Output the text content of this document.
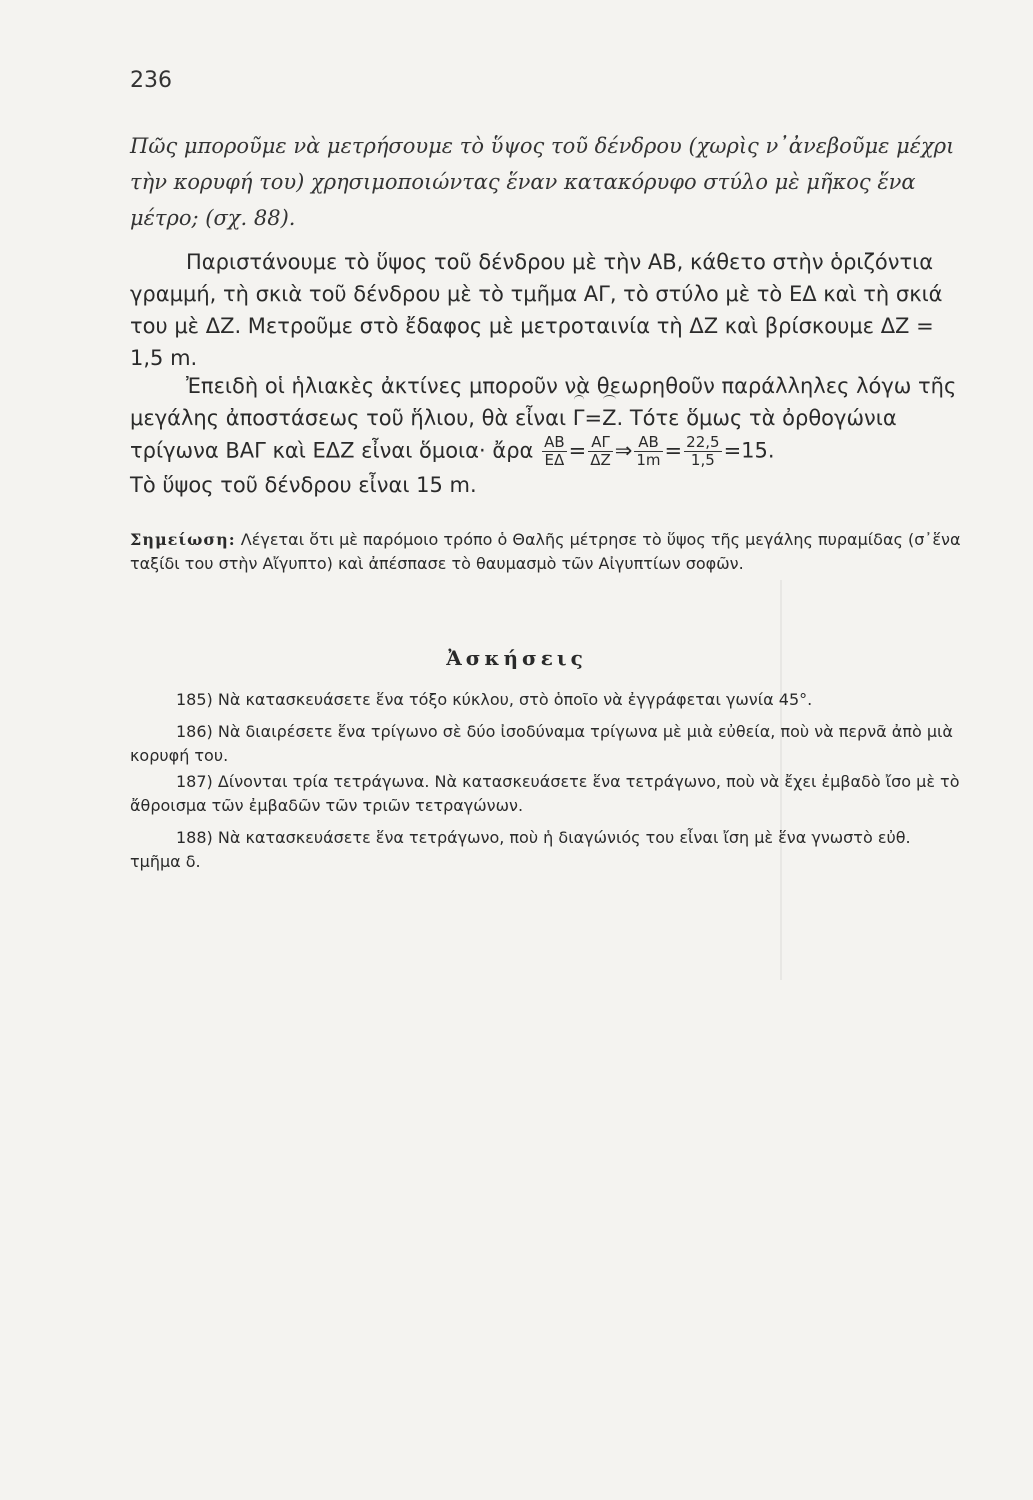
236
Πῶς μποροῦμε νὰ μετρήσουμε τὸ ὕψος τοῦ δένδρου (χωρὶς ν᾽ἀνεβοῦμε μέχρι τὴν κορυφή του) χρησιμοποιώντας ἕναν κατακόρυφο στύλο μὲ μῆκος ἕνα μέτρο; (σχ. 88).
Παριστάνουμε τὸ ὕψος τοῦ δένδρου μὲ τὴν ΑΒ, κάθετο στὴν ὁριζόντια γραμμή, τὴ σκιὰ τοῦ δένδρου μὲ τὸ τμῆμα ΑΓ, τὸ στύλο μὲ τὸ ΕΔ καὶ τὴ σκιά του μὲ ΔΖ. Μετροῦμε στὸ ἔδαφος μὲ μετροταινία τὴ ΔΖ καὶ βρίσκουμε ΔΖ = 1,5 m.
Ἐπειδὴ οἱ ἡλιακὲς ἀκτίνες μποροῦν νὰ θεωρηθοῦν παράλληλες λόγω τῆς μεγάλης ἀποστάσεως τοῦ ἥλιου, θὰ εἶναι Γ=Ζ. Τότε ὅμως τὰ ὀρθογώνια τρίγωνα ΒΑΓ καὶ ΕΔΖ εἶναι ὅμοια· ἄρα $\frac{AB}{E\Delta} = \frac{A\Gamma}{\Delta Z}$ ⇒ $\frac{AB}{1m} = \frac{22,5}{1,5} =15$.
Τὸ ὕψος τοῦ δένδρου εἶναι 15 m.
Σημείωση: Λέγεται ὅτι μὲ παρόμοιο τρόπο ὁ Θαλῆς μέτρησε τὸ ὕψος τῆς μεγάλης πυραμίδας (σ᾽ἕνα ταξίδι του στὴν Αἴγυπτο) καὶ ἀπέσπασε τὸ θαυμασμὸ τῶν Αἰγυπτίων σοφῶν.
Ἀσκήσεις
185) Νὰ κατασκευάσετε ἕνα τόξο κύκλου, στὸ ὁποῖο νὰ ἐγγράφεται γωνία 45°.
186) Νὰ διαιρέσετε ἕνα τρίγωνο σὲ δύο ἰσοδύναμα τρίγωνα μὲ μιὰ εὐθεία, ποὺ νὰ περνᾶ ἀπὸ μιὰ κορυφή του.
187) Δίνονται τρία τετράγωνα. Νὰ κατασκευάσετε ἕνα τετράγωνο, ποὺ νὰ ἔχει ἐμβαδὸ ἴσο μὲ τὸ ἄθροισμα τῶν ἐμβαδῶν τῶν τριῶν τετραγώνων.
188) Νὰ κατασκευάσετε ἕνα τετράγωνο, ποὺ ἡ διαγώνιός του εἶναι ἴση μὲ ἕνα γνωστὸ εὐθ. τμῆμα δ.
